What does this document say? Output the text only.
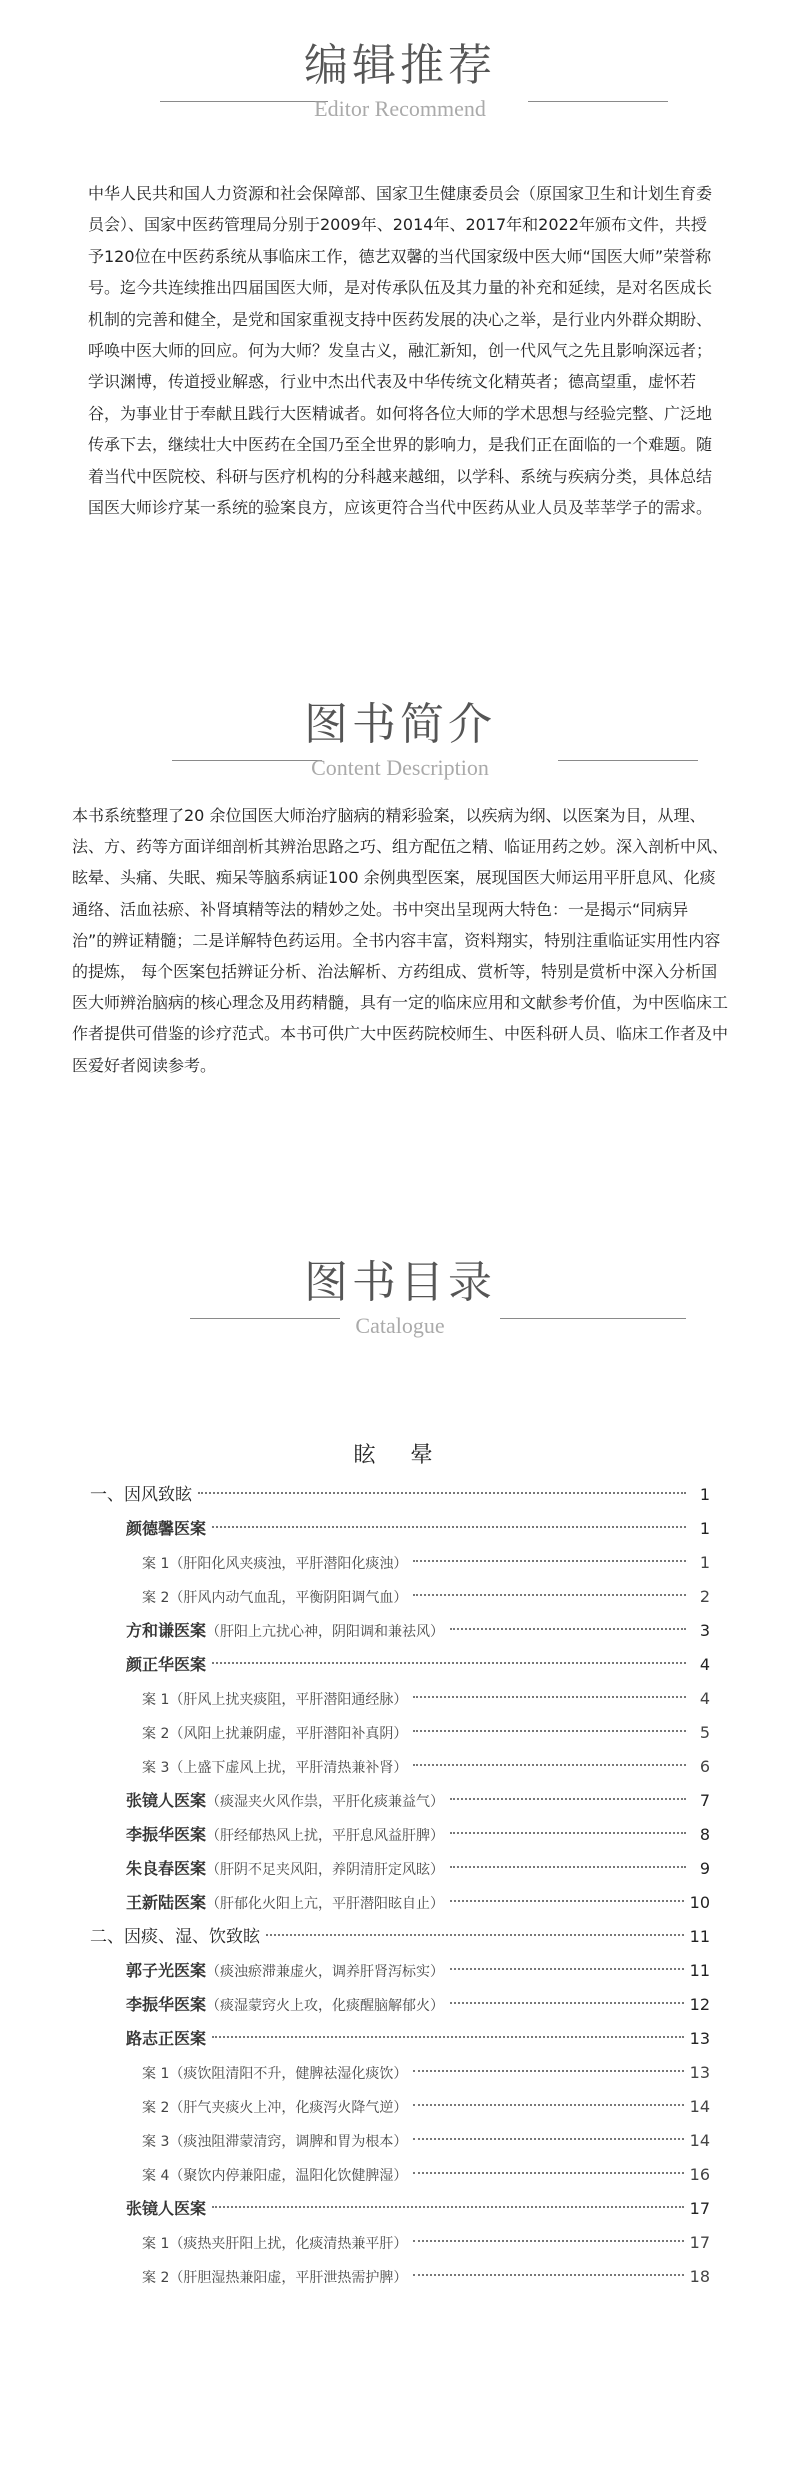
编辑推荐
Editor Recommend

中华人民共和国人力资源和社会保障部、国家卫生健康委员会（原国家卫生和计划生育委员会）、国家中医药管理局分别于2009年、2014年、2017年和2022年颁布文件，共授予120位在中医药系统从事临床工作，德艺双馨的当代国家级中医大师“国医大师”荣誉称号。迄今共连续推出四届国医大师，是对传承队伍及其力量的补充和延续，是对名医成长机制的完善和健全，是党和国家重视支持中医药发展的决心之举，是行业内外群众期盼、呼唤中医大师的回应。何为大师？发皇古义，融汇新知，创一代风气之先且影响深远者；学识渊博，传道授业解惑，行业中杰出代表及中华传统文化精英者；德高望重，虚怀若谷，为事业甘于奉献且践行大医精诚者。如何将各位大师的学术思想与经验完整、广泛地传承下去，继续壮大中医药在全国乃至全世界的影响力，是我们正在面临的一个难题。随着当代中医院校、科研与医疗机构的分科越来越细，以学科、系统与疾病分类，具体总结国医大师诊疗某一系统的验案良方，应该更符合当代中医药从业人员及莘莘学子的需求。

图书简介
Content Description

本书系统整理了20 余位国医大师治疗脑病的精彩验案，以疾病为纲、以医案为目，从理、法、方、药等方面详细剖析其辨治思路之巧、组方配伍之精、临证用药之妙。深入剖析中风、眩晕、头痛、失眠、痴呆等脑系病证100 余例典型医案，展现国医大师运用平肝息风、化痰通络、活血祛瘀、补肾填精等法的精妙之处。书中突出呈现两大特色：一是揭示“同病异治”的辨证精髓；二是详解特色药运用。全书内容丰富，资料翔实，特别注重临证实用性内容的提炼， 每个医案包括辨证分析、治法解析、方药组成、赏析等，特别是赏析中深入分析国医大师辨治脑病的核心理念及用药精髓，具有一定的临床应用和文献参考价值，为中医临床工作者提供可借鉴的诊疗范式。本书可供广大中医药院校师生、中医科研人员、临床工作者及中医爱好者阅读参考。

图书目录
Catalogue
眩 晕
一、因风致眩	1
颜德馨医案	1
案 1（肝阳化风夹痰浊，平肝潜阳化痰浊）	1
案 2（肝风内动气血乱，平衡阴阳调气血）	2
方和谦医案（肝阳上亢扰心神，阴阳调和兼祛风）	3
颜正华医案	4
案 1（肝风上扰夹痰阻，平肝潜阳通经脉）	4
案 2（风阳上扰兼阴虚，平肝潜阳补真阴）	5
案 3（上盛下虚风上扰，平肝清热兼补肾）	6
张镜人医案（痰湿夹火风作祟，平肝化痰兼益气）	7
李振华医案（肝经郁热风上扰，平肝息风益肝脾）	8
朱良春医案（肝阴不足夹风阳，养阴清肝定风眩）	9
王新陆医案（肝郁化火阳上亢，平肝潜阳眩自止）	10
二、因痰、湿、饮致眩	11
郭子光医案（痰浊瘀滞兼虚火，调养肝肾泻标实）	11
李振华医案（痰湿蒙窍火上攻，化痰醒脑解郁火）	12
路志正医案	13
案 1（痰饮阻清阳不升，健脾祛湿化痰饮）	13
案 2（肝气夹痰火上冲，化痰泻火降气逆）	14
案 3（痰浊阻滞蒙清窍，调脾和胃为根本）	14
案 4（聚饮内停兼阳虚，温阳化饮健脾湿）	16
张镜人医案	17
案 1（痰热夹肝阳上扰，化痰清热兼平肝）	17
案 2（肝胆湿热兼阳虚，平肝泄热需护脾）	18
